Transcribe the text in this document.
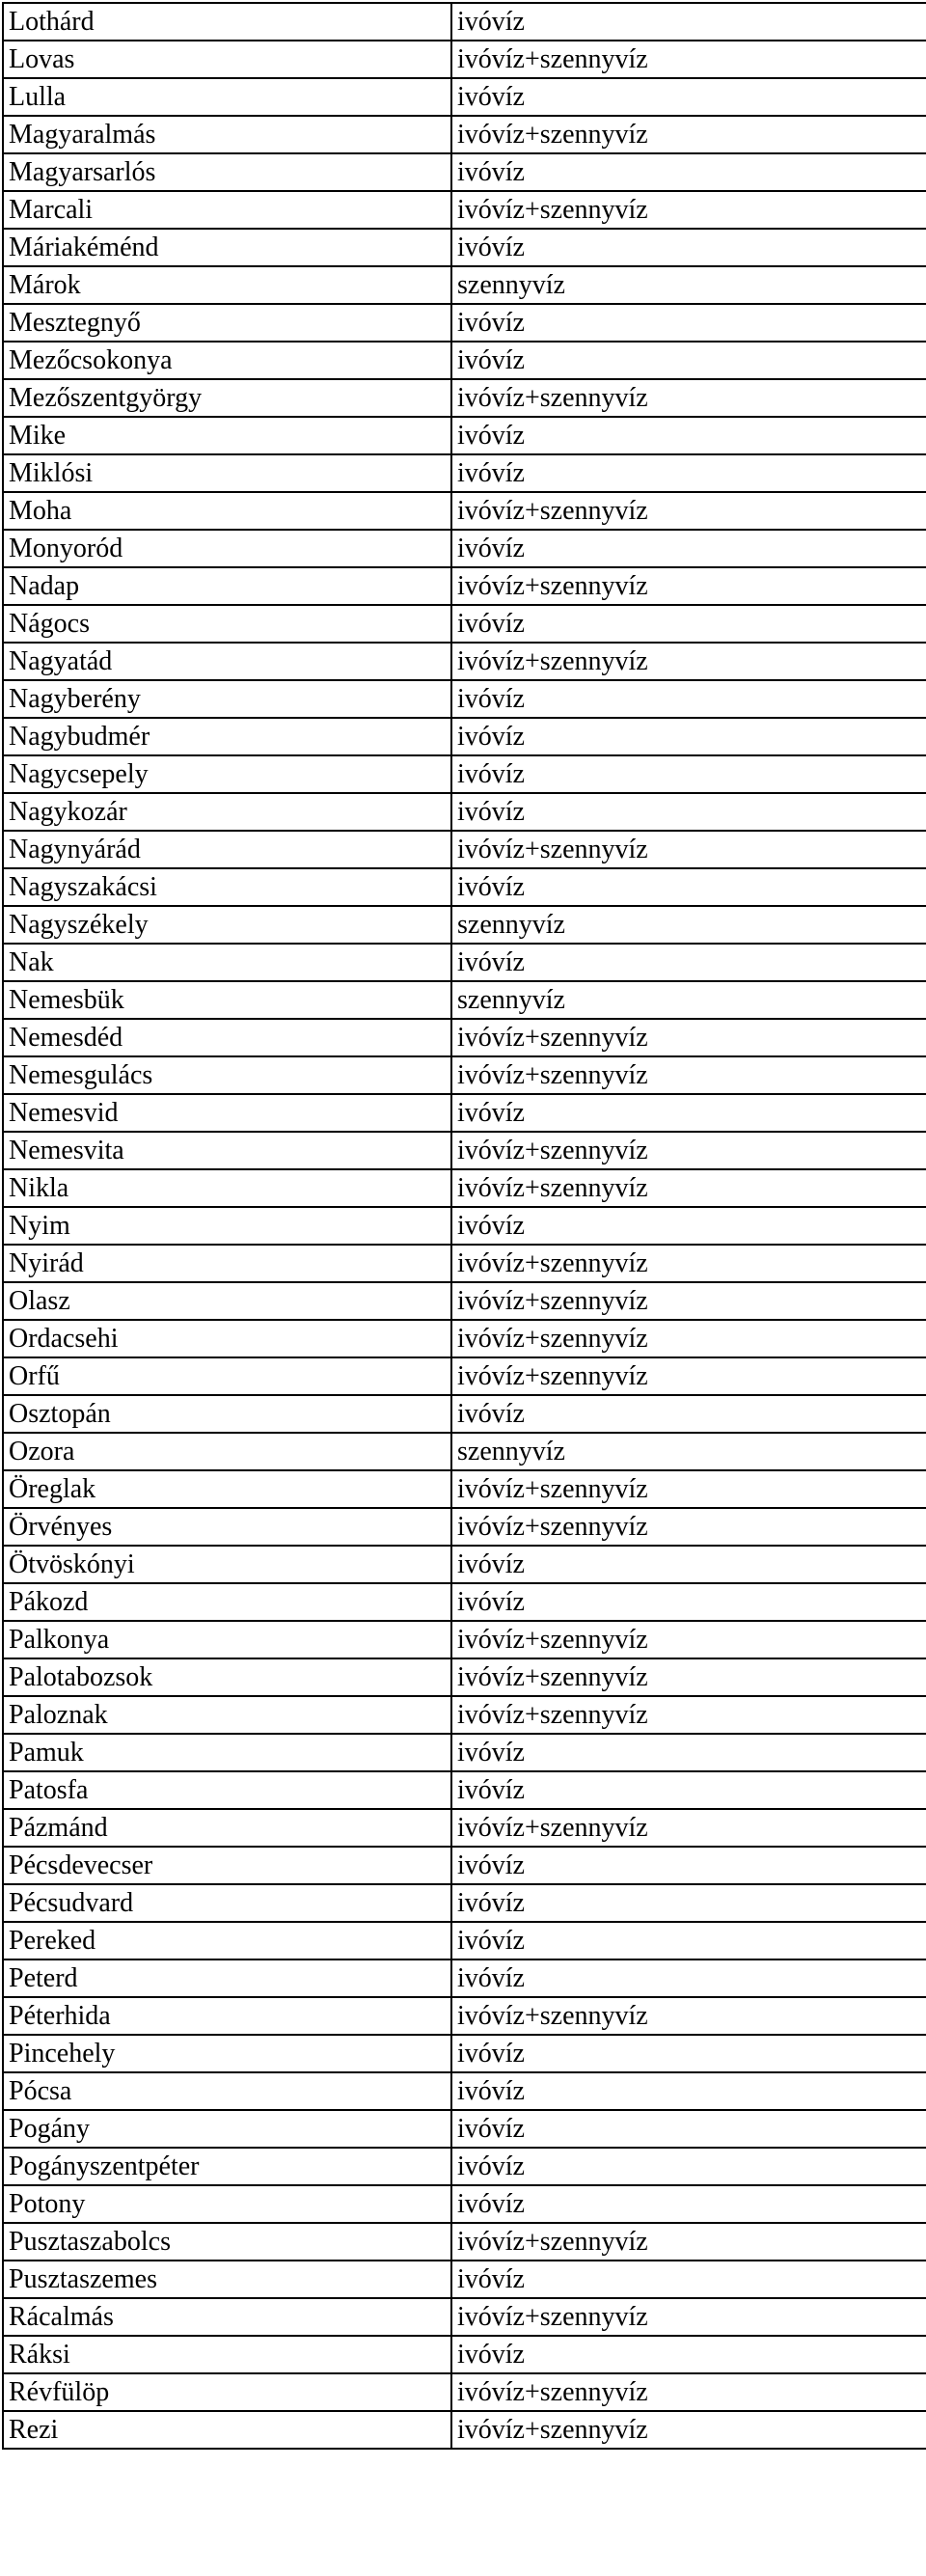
Lothárd	ivóvíz
Lovas	ivóvíz+szennyvíz
Lulla	ivóvíz
Magyaralmás	ivóvíz+szennyvíz
Magyarsarlós	ivóvíz
Marcali	ivóvíz+szennyvíz
Máriakéménd	ivóvíz
Márok	szennyvíz
Mesztegnyő	ivóvíz
Mezőcsokonya	ivóvíz
Mezőszentgyörgy	ivóvíz+szennyvíz
Mike	ivóvíz
Miklósi	ivóvíz
Moha	ivóvíz+szennyvíz
Monyoród	ivóvíz
Nadap	ivóvíz+szennyvíz
Nágocs	ivóvíz
Nagyatád	ivóvíz+szennyvíz
Nagyberény	ivóvíz
Nagybudmér	ivóvíz
Nagycsepely	ivóvíz
Nagykozár	ivóvíz
Nagynyárád	ivóvíz+szennyvíz
Nagyszakácsi	ivóvíz
Nagyszékely	szennyvíz
Nak	ivóvíz
Nemesbük	szennyvíz
Nemesdéd	ivóvíz+szennyvíz
Nemesgulács	ivóvíz+szennyvíz
Nemesvid	ivóvíz
Nemesvita	ivóvíz+szennyvíz
Nikla	ivóvíz+szennyvíz
Nyim	ivóvíz
Nyirád	ivóvíz+szennyvíz
Olasz	ivóvíz+szennyvíz
Ordacsehi	ivóvíz+szennyvíz
Orfű	ivóvíz+szennyvíz
Osztopán	ivóvíz
Ozora	szennyvíz
Öreglak	ivóvíz+szennyvíz
Örvényes	ivóvíz+szennyvíz
Ötvöskónyi	ivóvíz
Pákozd	ivóvíz
Palkonya	ivóvíz+szennyvíz
Palotabozsok	ivóvíz+szennyvíz
Paloznak	ivóvíz+szennyvíz
Pamuk	ivóvíz
Patosfa	ivóvíz
Pázmánd	ivóvíz+szennyvíz
Pécsdevecser	ivóvíz
Pécsudvard	ivóvíz
Pereked	ivóvíz
Peterd	ivóvíz
Péterhida	ivóvíz+szennyvíz
Pincehely	ivóvíz
Pócsa	ivóvíz
Pogány	ivóvíz
Pogányszentpéter	ivóvíz
Potony	ivóvíz
Pusztaszabolcs	ivóvíz+szennyvíz
Pusztaszemes	ivóvíz
Rácalmás	ivóvíz+szennyvíz
Ráksi	ivóvíz
Révfülöp	ivóvíz+szennyvíz
Rezi	ivóvíz+szennyvíz
